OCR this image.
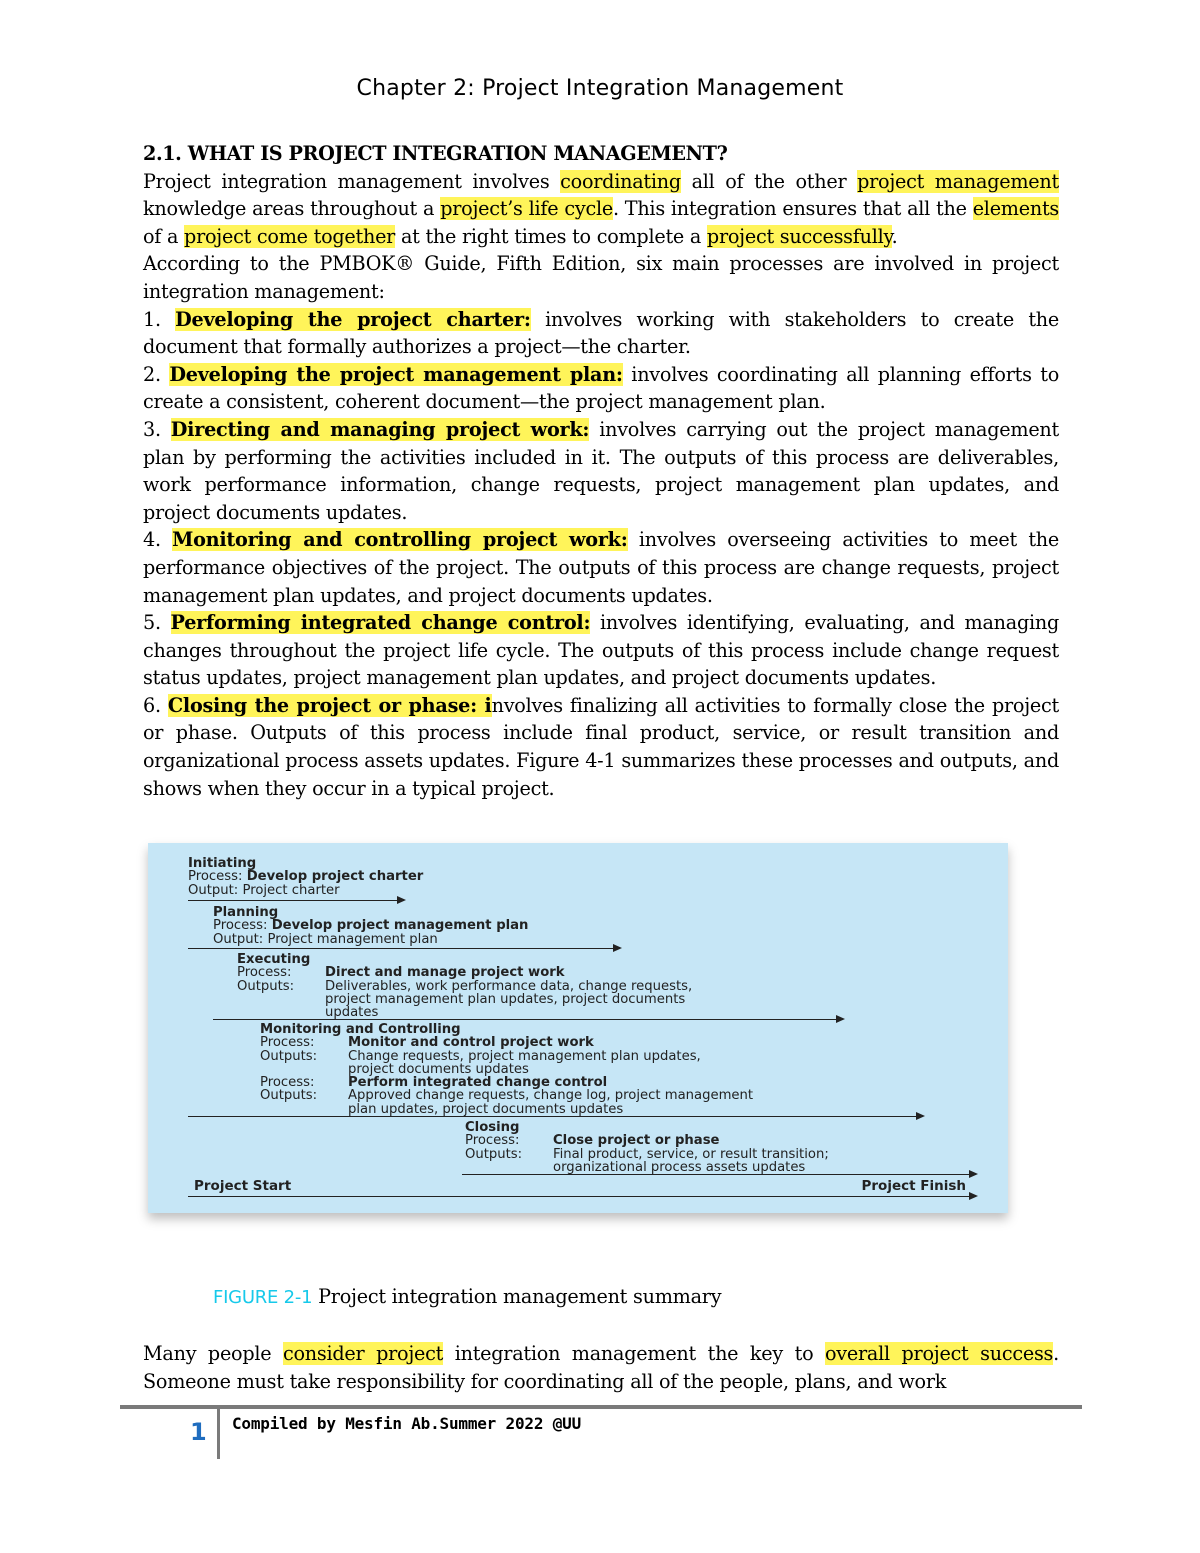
Chapter 2: Project Integration Management

2.1. WHAT IS PROJECT INTEGRATION MANAGEMENT?

Project integration management involves coordinating all of the other project management knowledge areas throughout a project’s life cycle. This integration ensures that all the elements of a project come together at the right times to complete a project successfully.

According to the PMBOK® Guide, Fifth Edition, six main processes are involved in project integration management:

1. Developing the project charter: involves working with stakeholders to create the document that formally authorizes a project—the charter.

2. Developing the project management plan: involves coordinating all planning efforts to create a consistent, coherent document—the project management plan.

3. Directing and managing project work: involves carrying out the project management plan by performing the activities included in it. The outputs of this process are deliverables, work performance information, change requests, project management plan updates, and project documents updates.

4. Monitoring and controlling project work: involves overseeing activities to meet the performance objectives of the project. The outputs of this process are change requests, project management plan updates, and project documents updates.

5. Performing integrated change control: involves identifying, evaluating, and managing changes throughout the project life cycle. The outputs of this process include change request status updates, project management plan updates, and project documents updates.

6. Closing the project or phase: involves finalizing all activities to formally close the project or phase. Outputs of this process include final product, service, or result transition and organizational process assets updates. Figure 4-1 summarizes these processes and outputs, and shows when they occur in a typical project.

Initiating
Process: Develop project charter
Output: Project charter
Planning
Process: Develop project management plan
Output: Project management plan
Executing
Process:	Direct and manage project work
Outputs: Deliverables, work performance data, change requests,
project management plan updates, project documents
updates
Monitoring and Controlling
Process:	Monitor and control project work
Outputs: Change requests, project management plan updates,
project documents updates
Process:	Perform integrated change control
Outputs: Approved change requests, change log, project management
plan updates, project documents updates
Closing
Process:	Close project or phase
Outputs: Final product, service, or result transition;
organizational process assets updates
Project Start	Project Finish
FIGURE 2-1 Project integration management summary

Many people consider project integration management the key to overall project success. Someone must take responsibility for coordinating all of the people, plans, and work

1 Compiled by Mesfin Ab.Summer 2022 @UU
